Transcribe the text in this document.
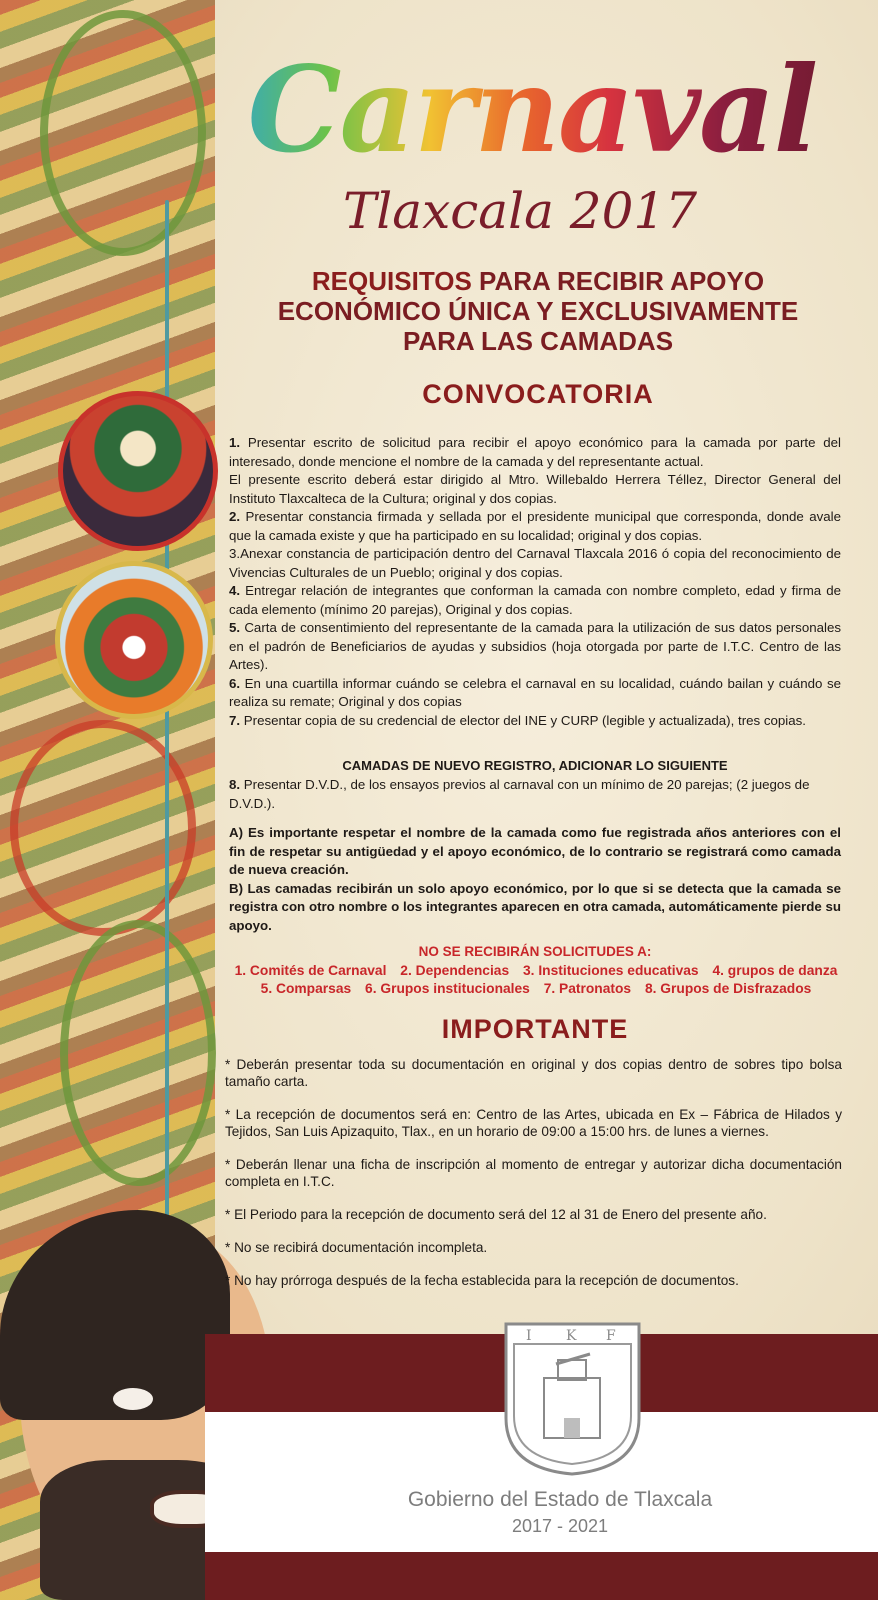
Carnaval
Tlaxcala 2017
REQUISITOS PARA RECIBIR APOYO
ECONÓMICO ÚNICA Y EXCLUSIVAMENTE
PARA LAS CAMADAS
CONVOCATORIA

1. Presentar escrito de solicitud para recibir el apoyo económico para la camada por parte del interesado, donde mencione el nombre de la camada y del representante actual.

El presente escrito deberá estar dirigido al Mtro. Willebaldo Herrera Téllez, Director General del Instituto Tlaxcalteca de la Cultura; original y dos copias.

2. Presentar constancia firmada y sellada por el presidente municipal que corresponda, donde avale que la camada existe y que ha participado en su localidad; original y dos copias.

3.Anexar constancia de participación dentro del Carnaval Tlaxcala 2016 ó copia del reconocimiento de Vivencias Culturales de un Pueblo; original y dos copias.

4. Entregar relación de integrantes que conforman la camada con nombre completo, edad y firma de cada elemento (mínimo 20 parejas), Original y dos copias.

5. Carta de consentimiento del representante de la camada para la utilización de sus datos personales en el padrón de Beneficiarios de ayudas y subsidios (hoja otorgada por parte de I.T.C. Centro de las Artes).

6. En una cuartilla informar cuándo se celebra el carnaval en su localidad, cuándo bailan y cuándo se realiza su remate; Original y dos copias

7. Presentar copia de su credencial de elector del INE y CURP (legible y actualizada), tres copias.

CAMADAS DE NUEVO REGISTRO, ADICIONAR LO SIGUIENTE
8. Presentar D.V.D., de los ensayos previos al carnaval con un mínimo de 20 parejas; (2 juegos de D.V.D.).

A) Es importante respetar el nombre de la camada como fue registrada años anteriores con el fin de respetar su antigüedad y el apoyo económico, de lo contrario se registrará como camada de nueva creación.

B) Las camadas recibirán un solo apoyo económico, por lo que si se detecta que la camada se registra con otro nombre o los integrantes aparecen en otra camada, automáticamente pierde su apoyo.

NO SE RECIBIRÁN SOLICITUDES A:
1. Comités de Carnaval 2. Dependencias 3. Instituciones educativas 4. grupos de danza
5. Comparsas 6. Grupos institucionales 7. Patronatos 8. Grupos de Disfrazados
IMPORTANTE

* Deberán presentar toda su documentación en original y dos copias dentro de sobres tipo bolsa tamaño carta.

* La recepción de documentos será en: Centro de las Artes, ubicada en Ex – Fábrica de Hilados y Tejidos, San Luis Apizaquito, Tlax., en un horario de 09:00 a 15:00 hrs. de lunes a viernes.

* Deberán llenar una ficha de inscripción al momento de entregar y autorizar dicha documentación completa en I.T.C.

* El Periodo para la recepción de documento será del 12 al 31 de Enero del presente año.

* No se recibirá documentación incompleta.

* No hay prórroga después de la fecha establecida para la recepción de documentos.

I K F
Gobierno del Estado de Tlaxcala
2017 - 2021
